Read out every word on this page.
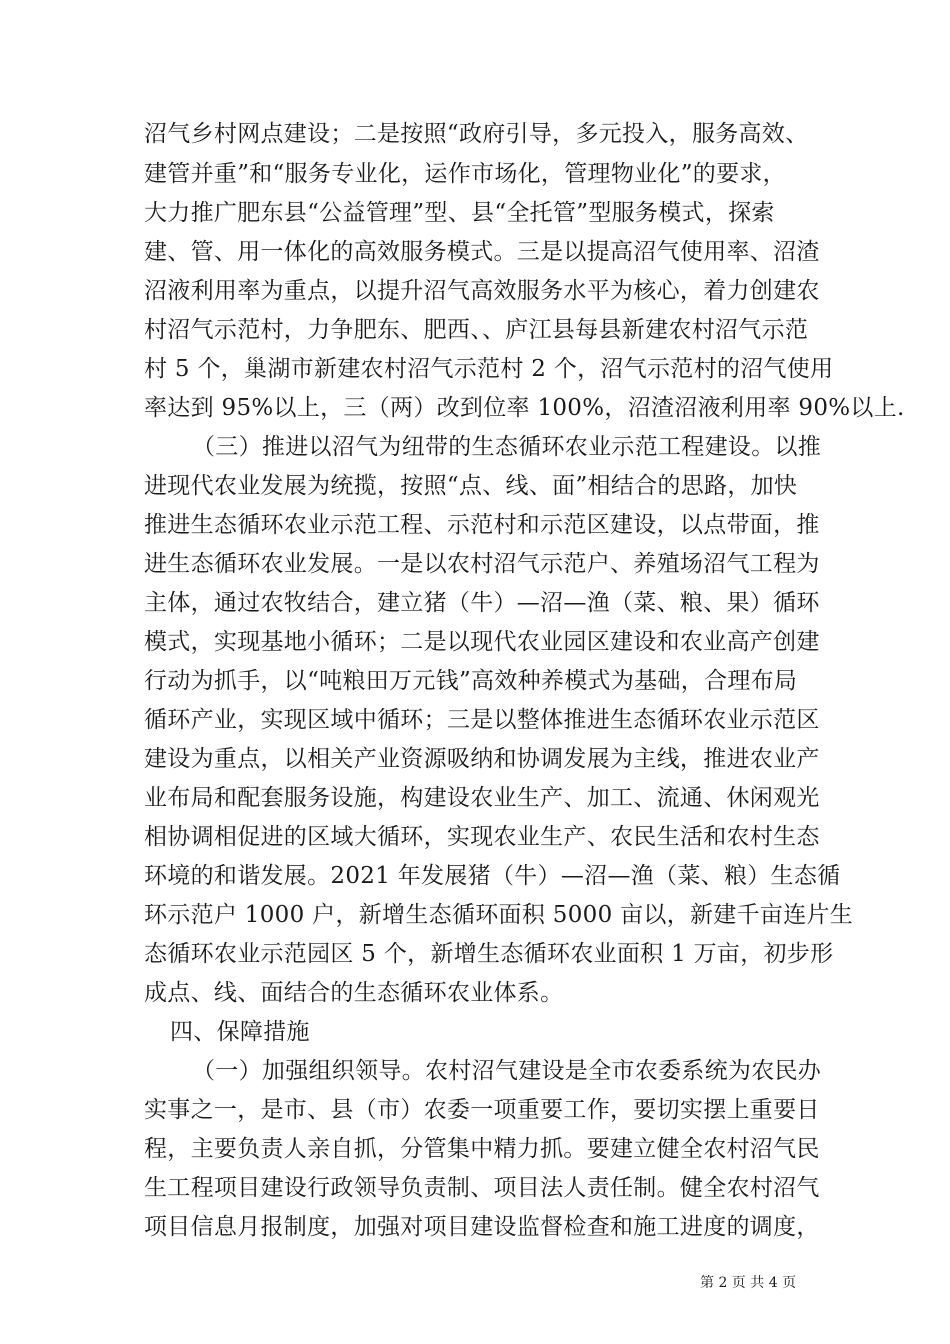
沼气乡村网点建设；二是按照“政府引导，多元投入，服务高效、
建管并重”和“服务专业化，运作市场化，管理物业化”的要求，
大力推广肥东县“公益管理”型、县“全托管”型服务模式，探索
建、管、用一体化的高效服务模式。三是以提高沼气使用率、沼渣
沼液利用率为重点，以提升沼气高效服务水平为核心，着力创建农
村沼气示范村，力争肥东、肥西、、庐江县每县新建农村沼气示范
村 5 个，巢湖市新建农村沼气示范村 2 个，沼气示范村的沼气使用
率达到 95%以上，三（两）改到位率 100%，沼渣沼液利用率 90%以上.
（三）推进以沼气为纽带的生态循环农业示范工程建设。以推
进现代农业发展为统揽，按照“点、线、面”相结合的思路，加快
推进生态循环农业示范工程、示范村和示范区建设，以点带面，推
进生态循环农业发展。一是以农村沼气示范户、养殖场沼气工程为
主体，通过农牧结合，建立猪（牛）—沼—渔（菜、粮、果）循环
模式，实现基地小循环；二是以现代农业园区建设和农业高产创建
行动为抓手，以“吨粮田万元钱”高效种养模式为基础，合理布局
循环产业，实现区域中循环；三是以整体推进生态循环农业示范区
建设为重点，以相关产业资源吸纳和协调发展为主线，推进农业产
业布局和配套服务设施，构建设农业生产、加工、流通、休闲观光
相协调相促进的区域大循环，实现农业生产、农民生活和农村生态
环境的和谐发展。2021 年发展猪（牛）—沼—渔（菜、粮）生态循
环示范户 1000 户，新增生态循环面积 5000 亩以，新建千亩连片生
态循环农业示范园区 5 个，新增生态循环农业面积 1 万亩，初步形
成点、线、面结合的生态循环农业体系。
四、保障措施
（一）加强组织领导。农村沼气建设是全市农委系统为农民办
实事之一，是市、县（市）农委一项重要工作，要切实摆上重要日
程，主要负责人亲自抓，分管集中精力抓。要建立健全农村沼气民
生工程项目建设行政领导负责制、项目法人责任制。健全农村沼气
项目信息月报制度，加强对项目建设监督检查和施工进度的调度，
第 2 页 共 4 页
